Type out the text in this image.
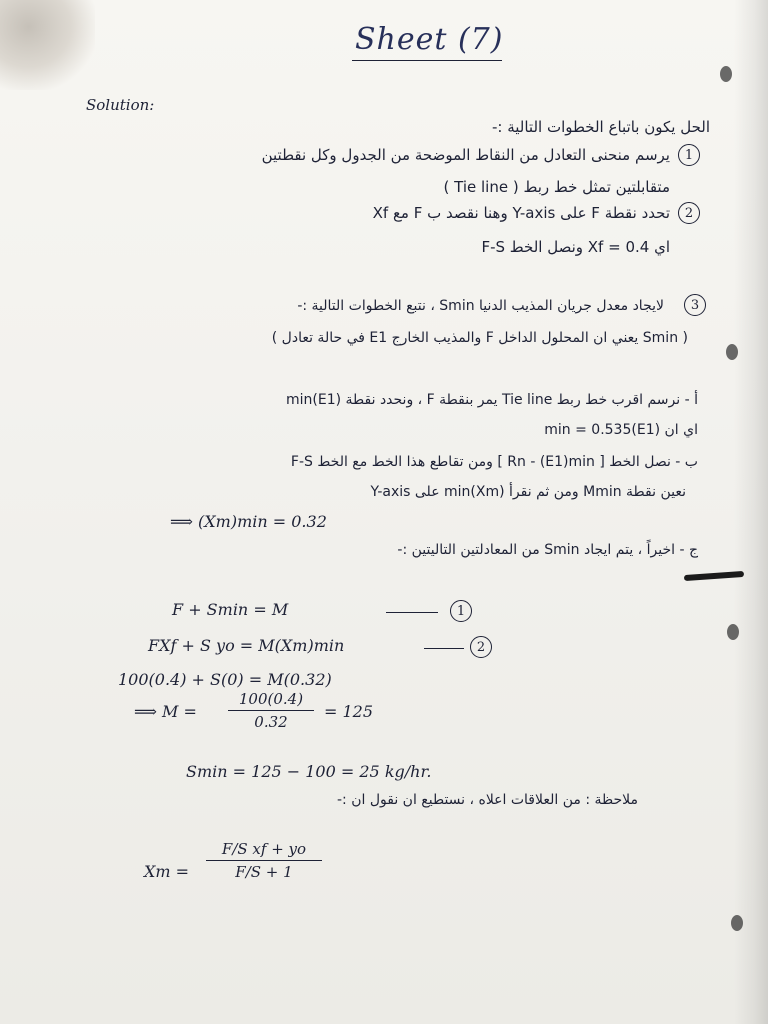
Sheet (7)
Solution:
الحل يكون باتباع الخطوات التالية :-
1
يرسم منحنى التعادل من النقاط الموضحة من الجدول وكل نقطتين
متقابلتين تمثل خط ربط ( Tie line )
2
تحدد نقطة F على Y-axis وهنا نقصد ب F مع Xf
اي Xf = 0.4 ونصل الخط F-S
3
لايجاد معدل جريان المذيب الدنيا Smin ، نتبع الخطوات التالية :-
( Smin يعني ان المحلول الداخل F والمذيب الخارج E1 في حالة تعادل )
أ - نرسم اقرب خط ربط Tie line يمر بنقطة F ، ونحدد نقطة (E1)min
اي ان (E1)min = 0.535
ب - نصل الخط [ Rn - (E1)min ] ومن تقاطع هذا الخط مع الخط F-S
نعين نقطة Mmin ومن ثم نقرأ (Xm)min على Y-axis
⟹ (Xm)min = 0.32
ج - اخيراً ، يتم ايجاد Smin من المعادلتين التاليتين :-
F + Smin = M	1
FXf + S yo = M(Xm)min	2
100(0.4) + S(0) = M(0.32)
⟹ M =
100(0.4)
0.32
= 125
Smin = 125 − 100 = 25 kg/hr.
ملاحظة : من العلاقات اعلاه ، نستطيع ان نقول ان :-
Xm =
F/S xf + yo
F/S + 1
